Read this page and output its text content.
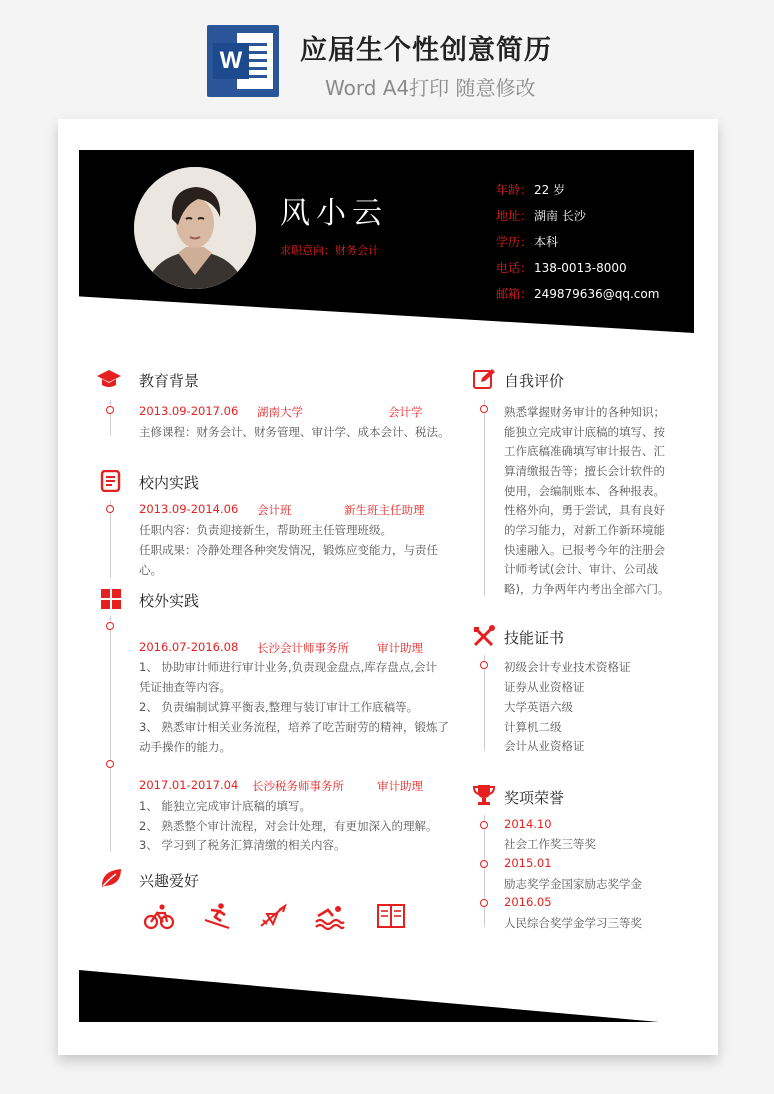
W 应届生个性创意简历
Word A4打印 随意修改
风小云
求职意向：财务会计
年龄： 22 岁
地址： 湖南 长沙
学历： 本科
电话： 138-0013-8000
邮箱： 249879636@qq.com
教育背景
2013.09-2017.06 湖南大学	会计学
主修课程：财务会计、财务管理、审计学、成本会计、税法。
校内实践
2013.09-2014.06 会计班	新生班主任助理
任职内容：负责迎接新生，帮助班主任管理班级。
任职成果：冷静处理各种突发情况，锻炼应变能力，与责任
心。
校外实践
2016.07-2016.08 长沙会计师事务所 审计助理
1、 协助审计师进行审计业务,负责现金盘点,库存盘点,会计
凭证抽查等内容。
2、 负责编制试算平衡表,整理与装订审计工作底稿等。
3、 熟悉审计相关业务流程，培养了吃苦耐劳的精神，锻炼了
动手操作的能力。
2017.01-2017.04 长沙税务师事务所	审计助理
1、 能独立完成审计底稿的填写。
2、 熟悉整个审计流程，对会计处理，有更加深入的理解。
3、 学习到了税务汇算清缴的相关内容。
兴趣爱好
自我评价
熟悉掌握财务审计的各种知识；
能独立完成审计底稿的填写、按
工作底稿准确填写审计报告、汇
算清缴报告等；擅长会计软件的
使用，会编制账本、各种报表。
性格外向，勇于尝试，具有良好
的学习能力，对新工作新环境能
快速融入。已报考今年的注册会
计师考试(会计、审计、公司战
略)，力争两年内考出全部六门。
技能证书
初级会计专业技术资格证
证券从业资格证
大学英语六级
计算机二级
会计从业资格证
奖项荣誉
2014.10
社会工作奖三等奖
2015.01
励志奖学金国家励志奖学金
2016.05
人民综合奖学金学习三等奖
